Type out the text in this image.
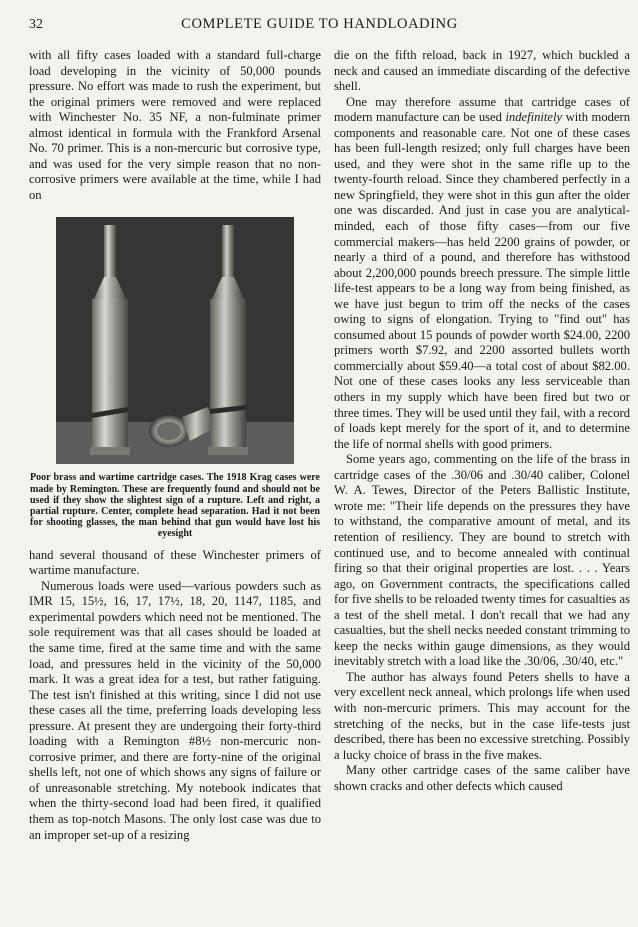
32	COMPLETE GUIDE TO HANDLOADING

with all fifty cases loaded with a standard full-charge load developing in the vicinity of 50,000 pounds pressure. No effort was made to rush the experiment, but the original primers were removed and were replaced with Winchester No. 35 NF, a non-fulminate primer almost identical in formula with the Frankford Arsenal No. 70 primer. This is a non-mercuric but corrosive type, and was used for the very simple reason that no non-corrosive primers were available at the time, while I had on

Poor brass and wartime cartridge cases. The 1918 Krag cases were made by Remington. These are frequently found and should not be used if they show the slightest sign of a rupture. Left and right, a partial rupture. Center, complete head separation. Had it not been for shooting glasses, the man behind that gun would have lost his eyesight

hand several thousand of these Winchester primers of wartime manufacture.

Numerous loads were used—various powders such as IMR 15, 15½, 16, 17, 17½, 18, 20, 1147, 1185, and experimental powders which need not be mentioned. The sole requirement was that all cases should be loaded at the same time, fired at the same time and with the same load, and pressures held in the vicinity of the 50,000 mark. It was a great idea for a test, but rather fatiguing. The test isn't finished at this writing, since I did not use these cases all the time, preferring loads developing less pressure. At present they are undergoing their forty-third loading with a Remington #8½ non-mercuric non-corrosive primer, and there are forty-nine of the original shells left, not one of which shows any signs of failure or of unreasonable stretching. My notebook indicates that when the thirty-second load had been fired, it qualified them as top-notch Masons. The only lost case was due to an improper set-up of a resizing

die on the fifth reload, back in 1927, which buckled a neck and caused an immediate discarding of the defective shell.

One may therefore assume that cartridge cases of modern manufacture can be used indefinitely with modern components and reasonable care. Not one of these cases has been full-length resized; only full charges have been used, and they were shot in the same rifle up to the twenty-fourth reload. Since they chambered perfectly in a new Springfield, they were shot in this gun after the older one was discarded. And just in case you are analytical-minded, each of those fifty cases—from our five commercial makers—has held 2200 grains of powder, or nearly a third of a pound, and therefore has withstood about 2,200,000 pounds breech pressure. The simple little life-test appears to be a long way from being finished, as we have just begun to trim off the necks of the cases owing to signs of elongation. Trying to "find out" has consumed about 15 pounds of powder worth $24.00, 2200 primers worth $7.92, and 2200 assorted bullets worth commercially about $59.40—a total cost of about $82.00. Not one of these cases looks any less serviceable than others in my supply which have been fired but two or three times. They will be used until they fail, with a record of loads kept merely for the sport of it, and to determine the life of normal shells with good primers.

Some years ago, commenting on the life of the brass in cartridge cases of the .30/06 and .30/40 caliber, Colonel W. A. Tewes, Director of the Peters Ballistic Institute, wrote me: "Their life depends on the pressures they have to withstand, the comparative amount of metal, and its retention of resiliency. They are bound to stretch with continued use, and to become annealed with continual firing so that their original properties are lost. . . . Years ago, on Government contracts, the specifications called for five shells to be reloaded twenty times for casualties as a test of the shell metal. I don't recall that we had any casualties, but the shell necks needed constant trimming to keep the necks within gauge dimensions, as they would inevitably stretch with a load like the .30/06, .30/40, etc."

The author has always found Peters shells to have a very excellent neck anneal, which prolongs life when used with non-mercuric primers. This may account for the stretching of the necks, but in the case life-tests just described, there has been no excessive stretching. Possibly a lucky choice of brass in the five makes.

Many other cartridge cases of the same caliber have shown cracks and other defects which caused
